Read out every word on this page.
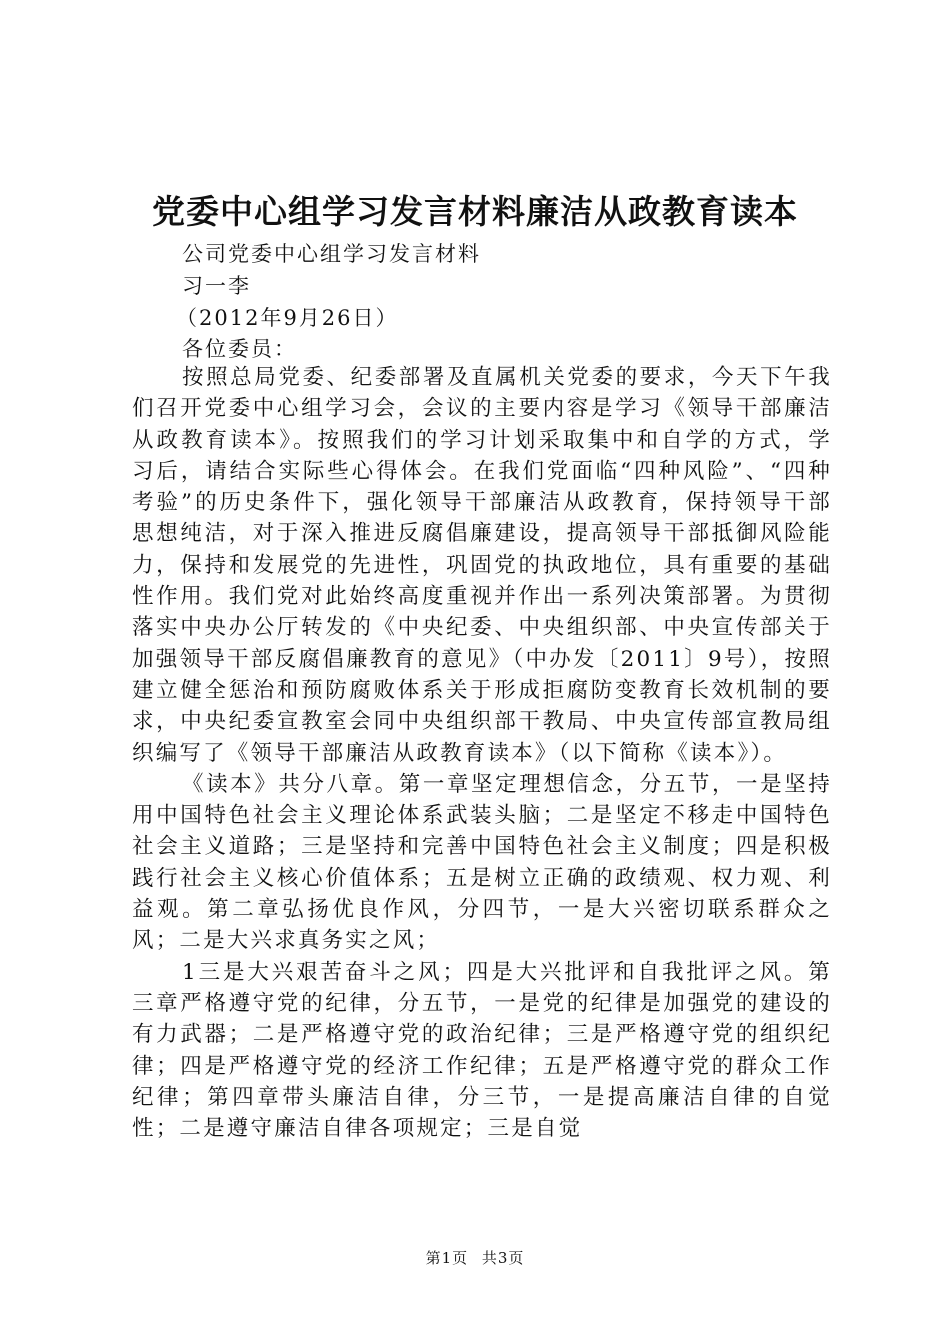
党委中心组学习发言材料廉洁从政教育读本
公司党委中心组学习发言材料
习一李
（2012年9月26日）
各位委员：

按照总局党委、纪委部署及直属机关党委的要求，今天下午我们召开党委中心组学习会，会议的主要内容是学习《领导干部廉洁从政教育读本》。按照我们的学习计划采取集中和自学的方式，学习后，请结合实际些心得体会。在我们党面临“四种风险”、“四种考验”的历史条件下，强化领导干部廉洁从政教育，保持领导干部思想纯洁，对于深入推进反腐倡廉建设，提高领导干部抵御风险能力，保持和发展党的先进性，巩固党的执政地位，具有重要的基础性作用。我们党对此始终高度重视并作出一系列决策部署。为贯彻落实中央办公厅转发的《中央纪委、中央组织部、中央宣传部关于加强领导干部反腐倡廉教育的意见》（中办发〔2011〕9号），按照建立健全惩治和预防腐败体系关于形成拒腐防变教育长效机制的要求，中央纪委宣教室会同中央组织部干教局、中央宣传部宣教局组织编写了《领导干部廉洁从政教育读本》（以下简称《读本》）。

《读本》共分八章。第一章坚定理想信念，分五节，一是坚持用中国特色社会主义理论体系武装头脑；二是坚定不移走中国特色社会主义道路；三是坚持和完善中国特色社会主义制度；四是积极践行社会主义核心价值体系；五是树立正确的政绩观、权力观、利益观。第二章弘扬优良作风，分四节，一是大兴密切联系群众之风；二是大兴求真务实之风；

1三是大兴艰苦奋斗之风；四是大兴批评和自我批评之风。第三章严格遵守党的纪律，分五节，一是党的纪律是加强党的建设的有力武器；二是严格遵守党的政治纪律；三是严格遵守党的组织纪律；四是严格遵守党的经济工作纪律；五是严格遵守党的群众工作纪律；第四章带头廉洁自律，分三节，一是提高廉洁自律的自觉性；二是遵守廉洁自律各项规定；三是自觉

第1页 共3页
